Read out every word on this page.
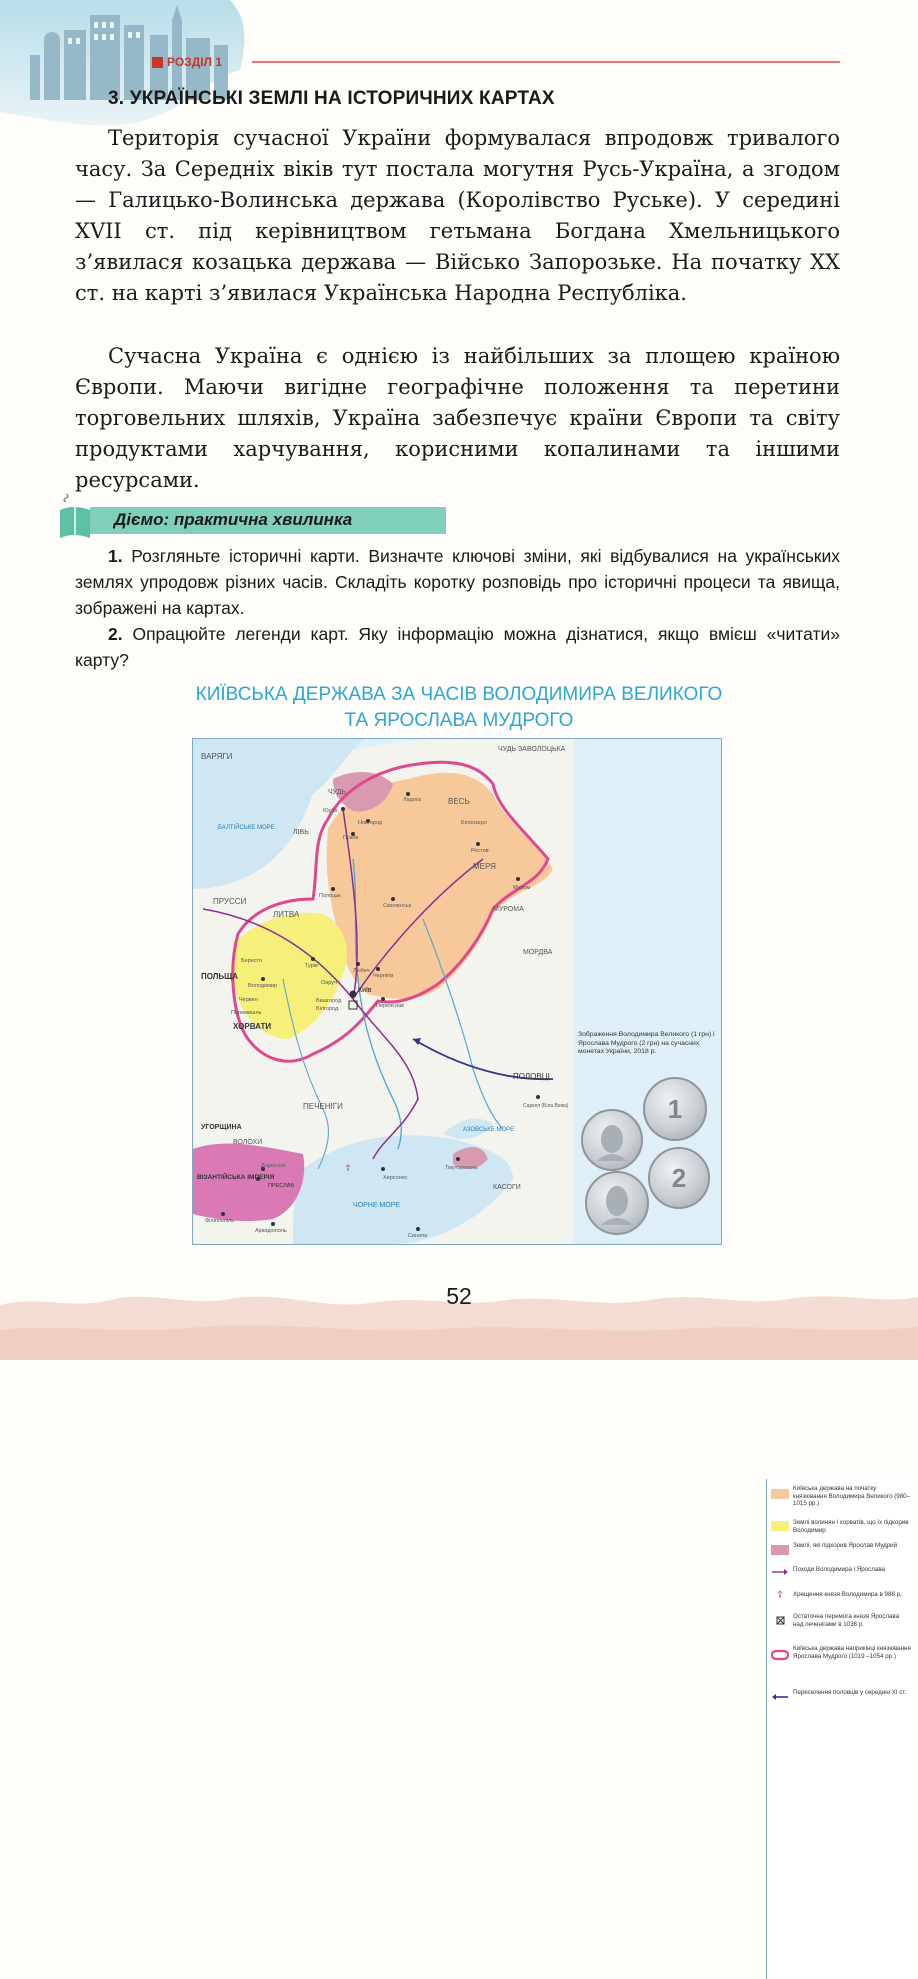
РОЗДІЛ 1
3. УКРАЇНСЬКІ ЗЕМЛІ НА ІСТОРИЧНИХ КАРТАХ

Територія сучасної України формувалася впродовж тривалого часу. За Середніх віків тут постала могутня Русь-Україна, а згодом — Галицько-Волинська держава (Королівство Руське). У середині XVII ст. під керівництвом гетьмана Богдана Хмельницького з’явилася козацька держава — Військо Запорозьке. На початку XX ст. на карті з’явилася Українська Народна Республіка.

Сучасна Україна є однією із найбільших за площею країною Європи. Маючи вигідне географічне положення та перетини торговельних шляхів, Україна забезпечує країни Європи та світу продуктами харчування, корисними копалинами та іншими ресурсами.

Діємо: практична хвилинка

1. Розгляньте історичні карти. Визначте ключові зміни, які відбувалися на українських землях упродовж різних часів. Складіть коротку розповідь про історичні процеси та явища, зображені на картах.

2. Опрацюйте легенди карт. Яку інформацію можна дізнатися, якщо вмієш «читати» карту?

КИЇВСЬКА ДЕРЖАВА ЗА ЧАСІВ ВОЛОДИМИРА ВЕЛИКОГО
ТА ЯРОСЛАВА МУДРОГО
☦
ВАРЯГИ
ЧУДЬ ЗАВОЛОЦЬКА
ЧУДЬ
ВЕСЬ
ЛІВЬ
МЕРЯ
ПРУССИ
ЛИТВА
МУРОМА
МОРДВА
ПОЛЬЩА
ХОРВАТИ
ПОЛОВЦІ
УГОРЩИНА
ПЕЧЕНІГИ
ВОЛОХИ
ВІЗАНТІЙСЬКА ІМПЕРІЯ
КАСОГИ
АЗОВСЬКЕ МОРЕ
ЧОРНЕ МОРЕ
БАЛТІЙСЬКЕ МОРЕ
Київ
Новгород
Ладога
Псков
Юр'їв
Ростов
Муром
Полоцьк
Смоленськ
Чернігів
Любеч
Турів
Володимир
Переяслав
Херсонес
Тмуторокань
Саркел (Біла Вежа)
Доростол
ПРЕСЛАВ
Філіппопіль
Аркадіополь
Синопа
Білоозеро
Берестя
Червен
Перемишль
Вишгород
Білгород
Овруч
Київська держава на початку князювання Володимира Великого (980–1015 рр.)
Землі волинян і хорватів, що їх підкорив Володимир
Землі, які підкорив Ярослав Мудрий
Походи Володимира і Ярослава
☦	Хрещення князя Володимира в 988 р.
Остаточна перемога князя Ярослава над печенігами в 1036 р.
Київська держава наприкінці князювання Ярослава Мудрого (1019 –1054 рр.)
Переселення половців у середині XI ст.
Зображення Володимира Великого (1 грн) і Ярослава Мудрого (2 грн) на сучасних монетах України, 2018 р.
1
2
52
